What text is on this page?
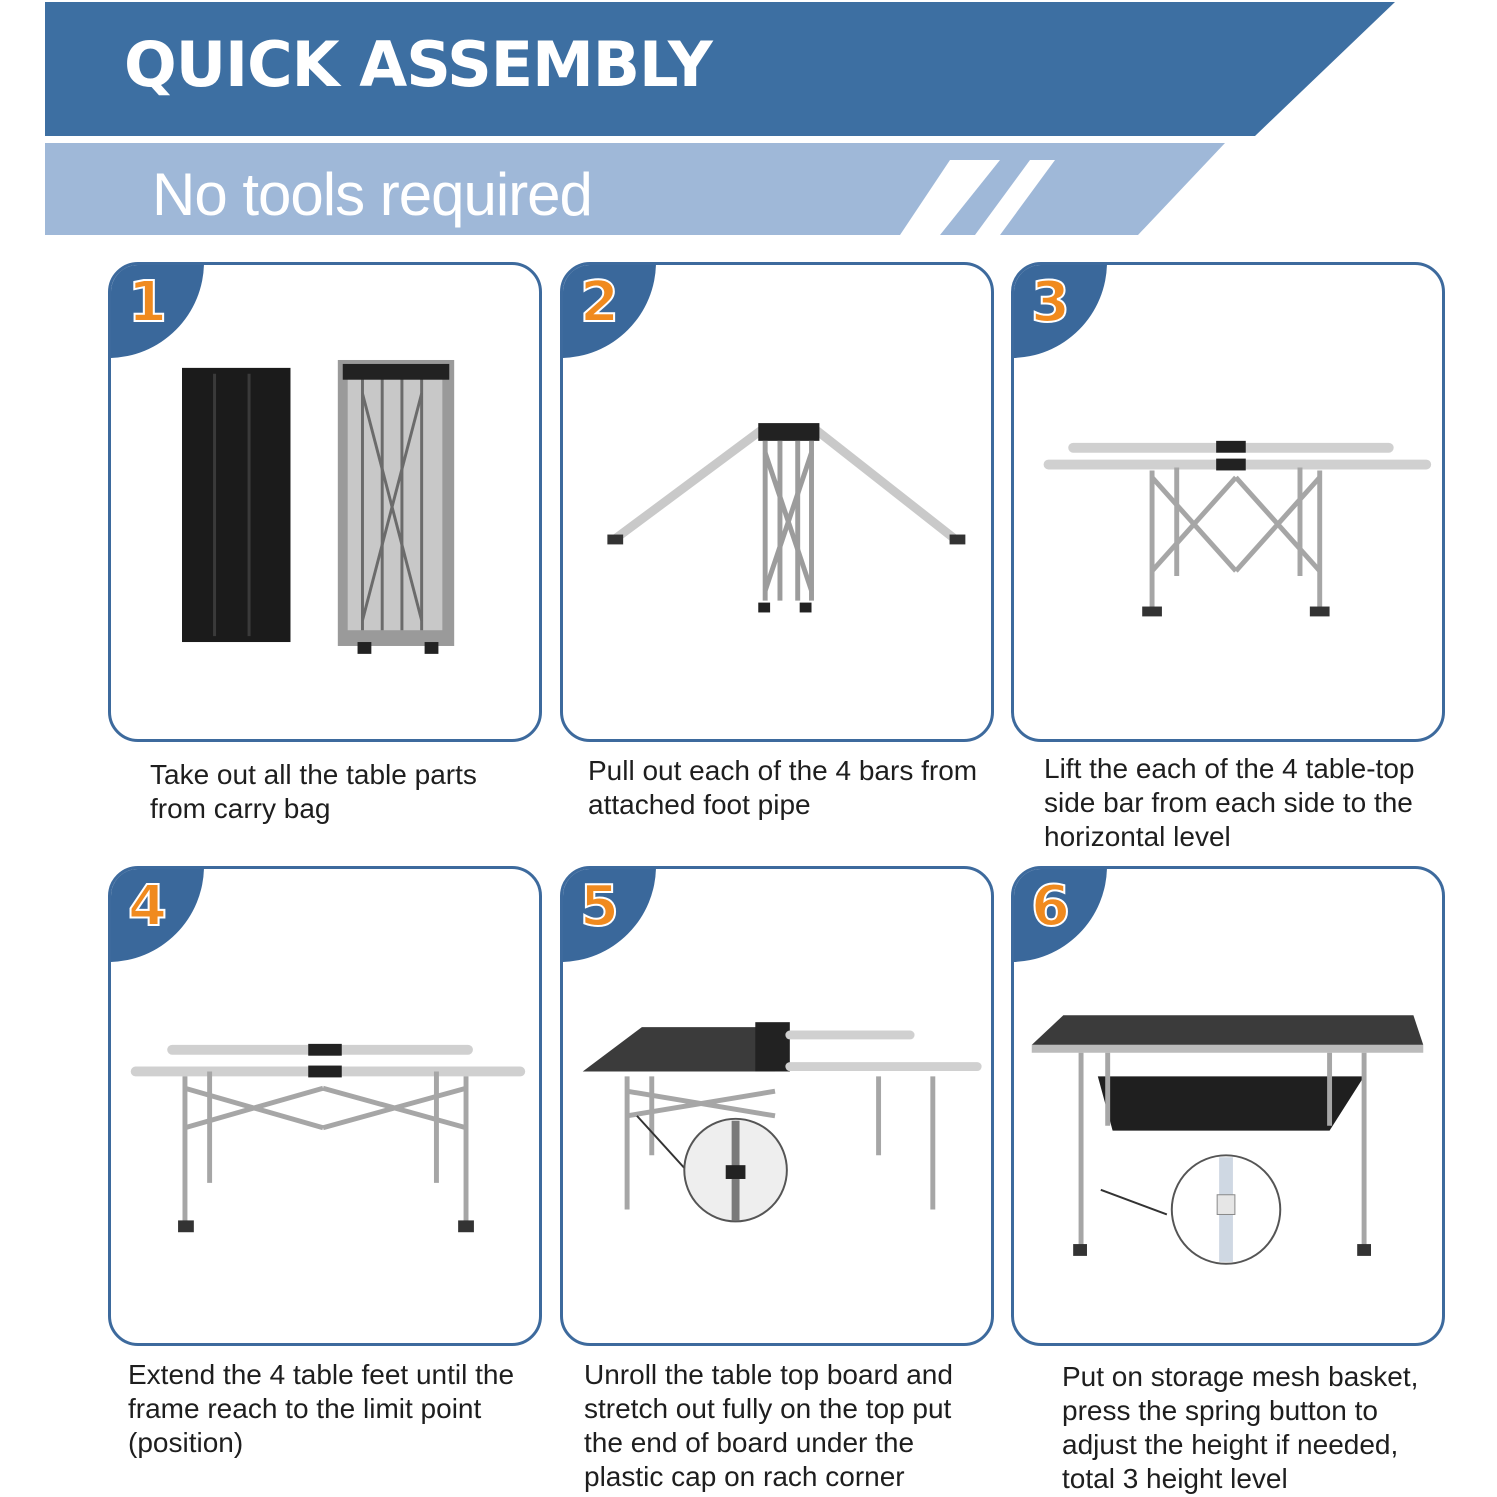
QUICK ASSEMBLY
No tools required
1
Take out all the table parts
from carry bag
2
Pull out each of the 4 bars from
attached foot pipe
3
Lift the each of the 4 table-top
side bar from each side to the
horizontal level
4
Extend the 4 table feet until the
frame reach to the limit point
(position)
5
Unroll the table top board and
stretch out fully on the top put
the end of board under the
plastic cap on rach corner
6
Put on storage mesh basket,
press the spring button to
adjust the height if needed,
total 3 height level
